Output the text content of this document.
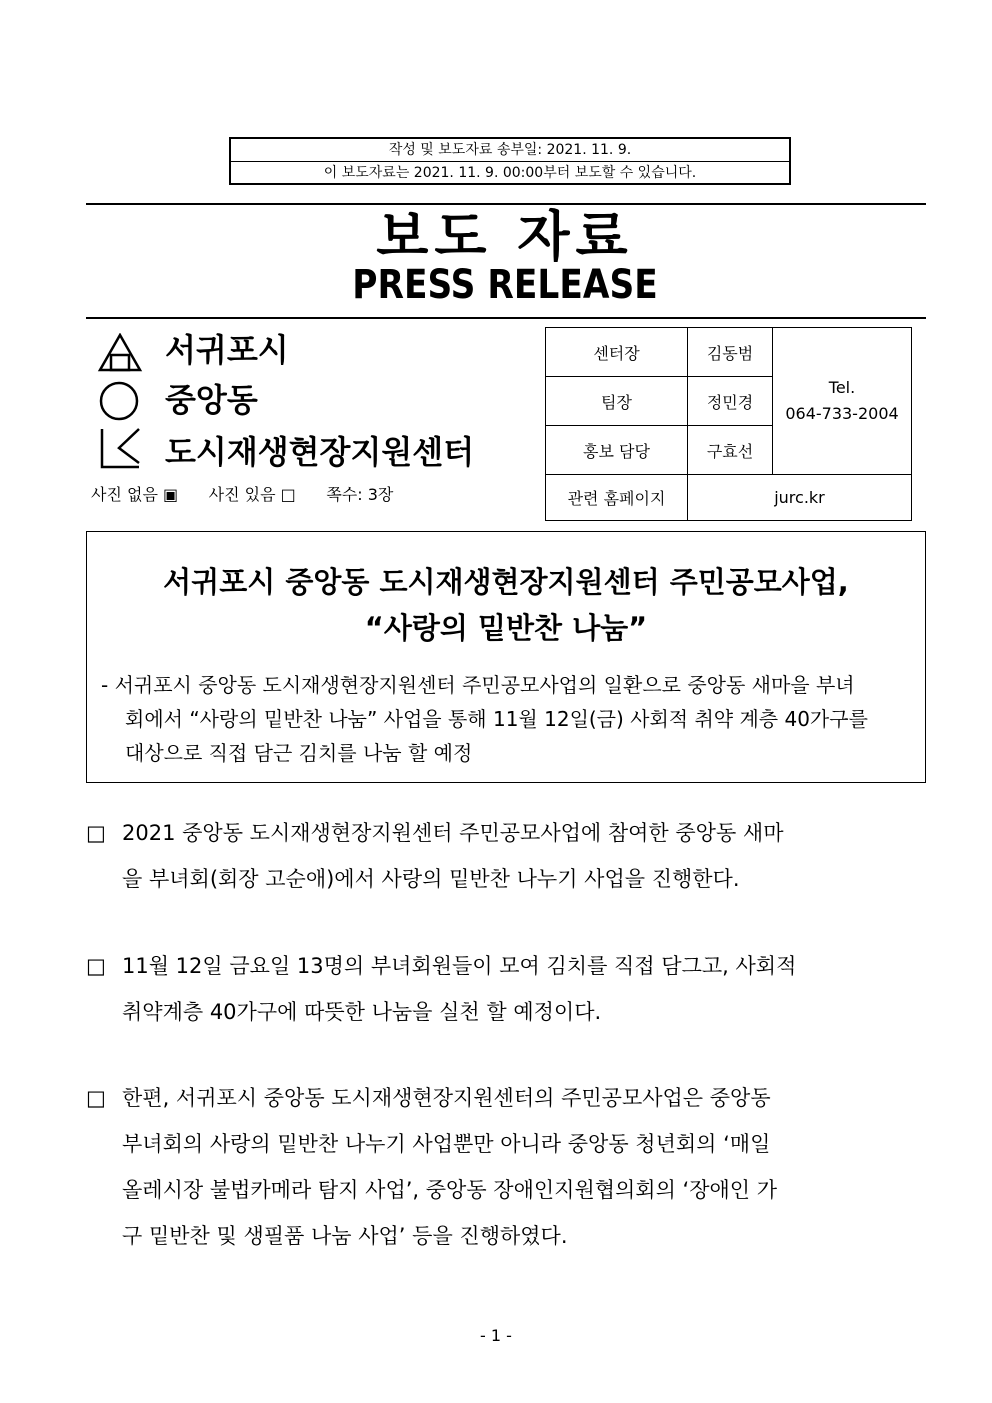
작성 및 보도자료 송부일: 2021. 11. 9.
이 보도자료는 2021. 11. 9. 00:00부터 보도할 수 있습니다.
보도 자료
PRESS RELEASE
서귀포시
중앙동
도시재생현장지원센터
사진 없음 ▣ 사진 있음 □ 쪽수: 3장
센터장	김동범	Tel.
064-733-2004

팀장	정민경	
홍보 담당	구효선	
관련 홈페이지	jurc.kr	
서귀포시 중앙동 도시재생현장지원센터 주민공모사업,
“사랑의 밑반찬 나눔”
- 서귀포시 중앙동 도시재생현장지원센터 주민공모사업의 일환으로 중앙동 새마을 부녀
회에서 “사랑의 밑반찬 나눔” 사업을 통해 11월 12일(금) 사회적 취약 계층 40가구를
대상으로 직접 담근 김치를 나눔 할 예정
□ 2021 중앙동 도시재생현장지원센터 주민공모사업에 참여한 중앙동 새마
을 부녀회(회장 고순애)에서 사랑의 밑반찬 나누기 사업을 진행한다.
□ 11월 12일 금요일 13명의 부녀회원들이 모여 김치를 직접 담그고, 사회적
취약계층 40가구에 따뜻한 나눔을 실천 할 예정이다.
□ 한편, 서귀포시 중앙동 도시재생현장지원센터의 주민공모사업은 중앙동
부녀회의 사랑의 밑반찬 나누기 사업뿐만 아니라 중앙동 청년회의 ‘매일
올레시장 불법카메라 탐지 사업’, 중앙동 장애인지원협의회의 ‘장애인 가
구 밑반찬 및 생필품 나눔 사업’ 등을 진행하였다.
- 1 -
